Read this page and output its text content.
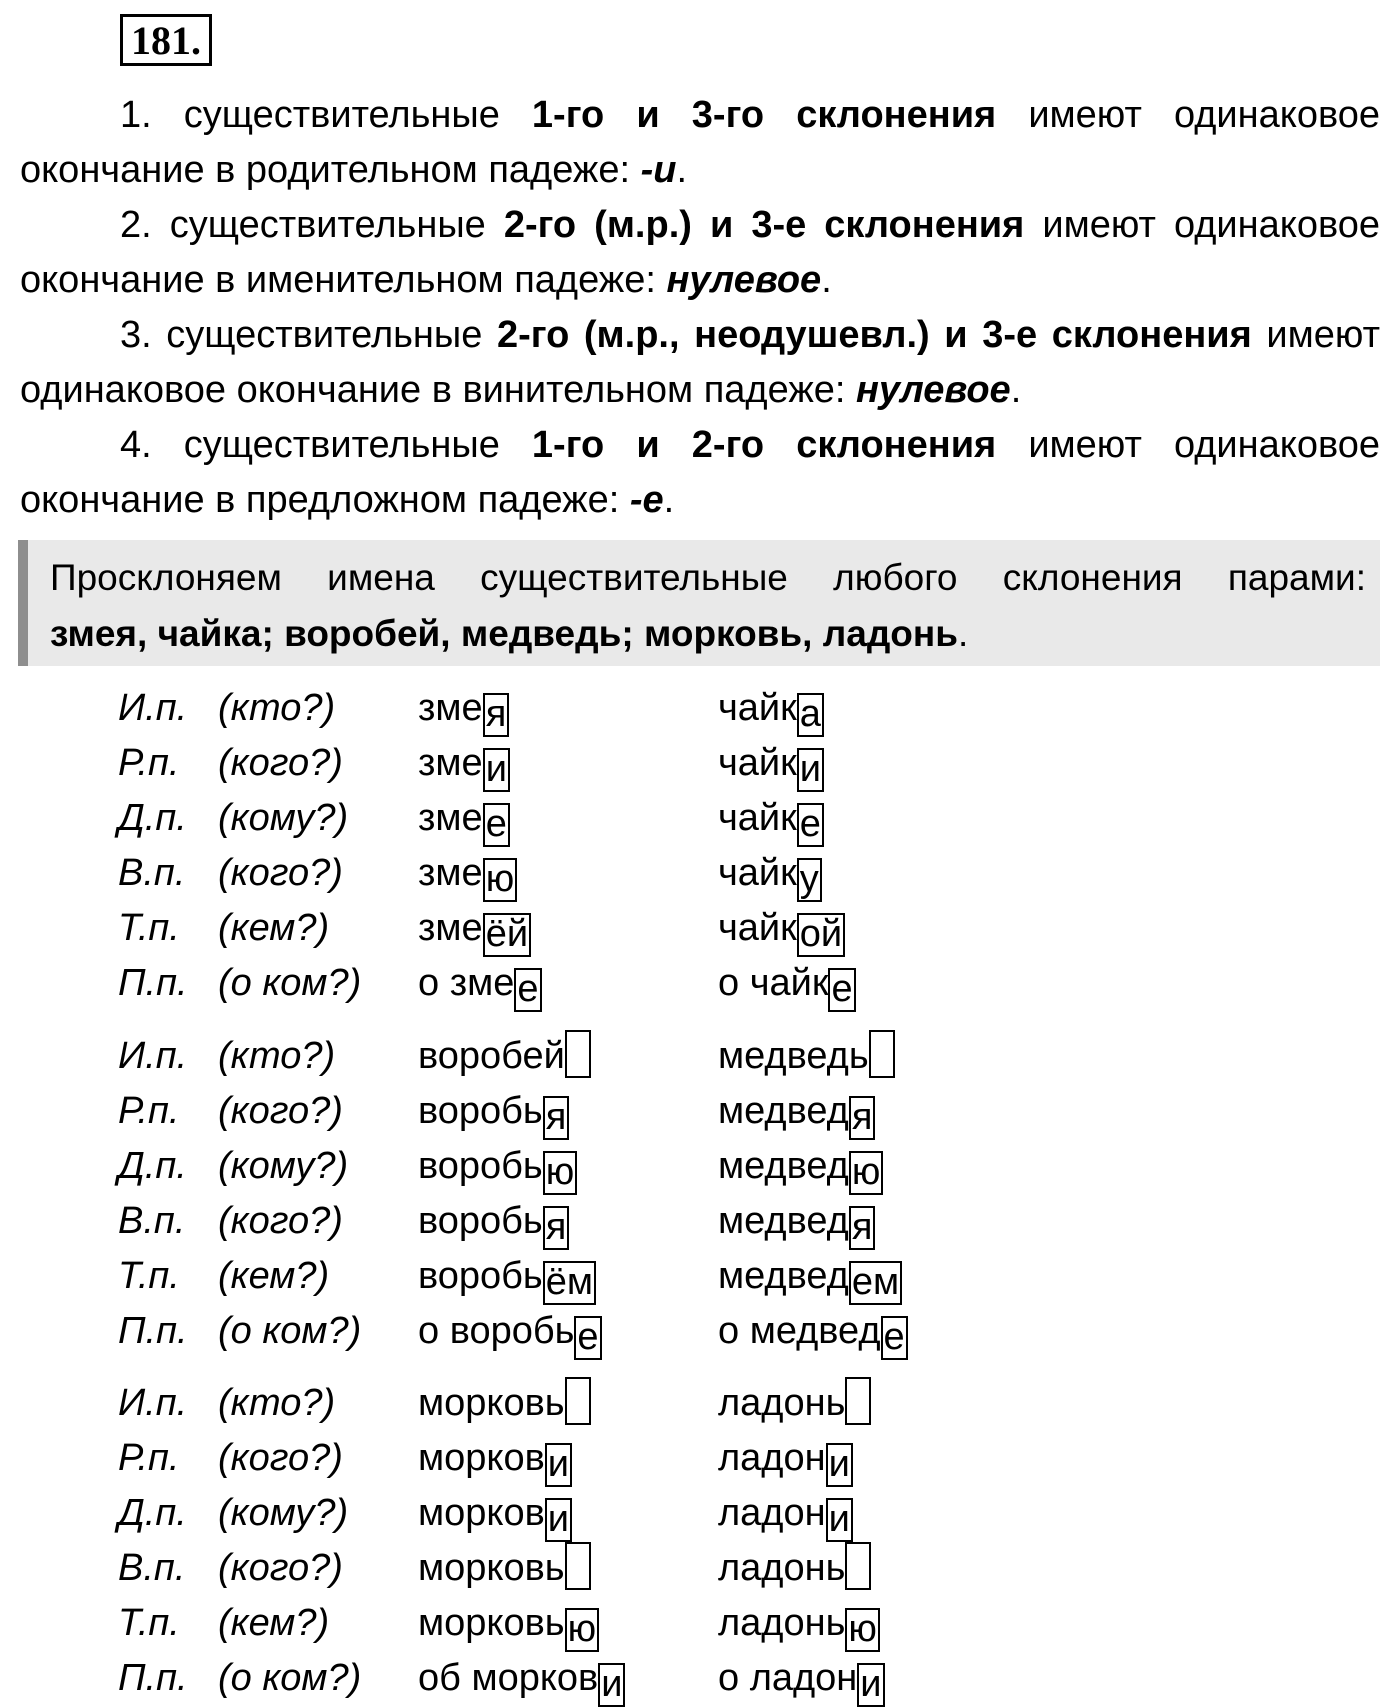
181.

1. существительные 1-го и 3-го склонения имеют одинаковое окончание в родительном падеже: -и.

2. существительные 2-го (м.р.) и 3-е склонения имеют одинаковое окончание в именительном падеже: нулевое.

3. существительные 2-го (м.р., неодушевл.) и 3-е склонения имеют одинаковое окончание в винительном падеже: нулевое.

4. существительные 1-го и 2-го склонения имеют одинаковое окончание в предложном падеже: -е.

Просклоняем имена существительные любого склонения парами:
змея, чайка; воробей, медведь; морковь, ладонь.
И.п. (кто?) змея	чайка
Р.п. (кого?) змеи	чайки
Д.п. (кому?) змее	чайке
В.п. (кого?) змею	чайку
Т.п. (кем?) змеёй	чайкой
П.п. (о ком?) о змее	о чайке
И.п. (кто?) воробей	медведь
Р.п. (кого?) воробья	медведя
Д.п. (кому?) воробью	медведю
В.п. (кого?) воробья	медведя
Т.п. (кем?) воробьём	медведем
П.п. (о ком?) о воробье	о медведе
И.п. (кто?) морковь	ладонь
Р.п. (кого?) моркови	ладони
Д.п. (кому?) моркови	ладони
В.п. (кого?) морковь	ладонь
Т.п. (кем?) морковью	ладонью
П.п. (о ком?) об моркови	о ладони
